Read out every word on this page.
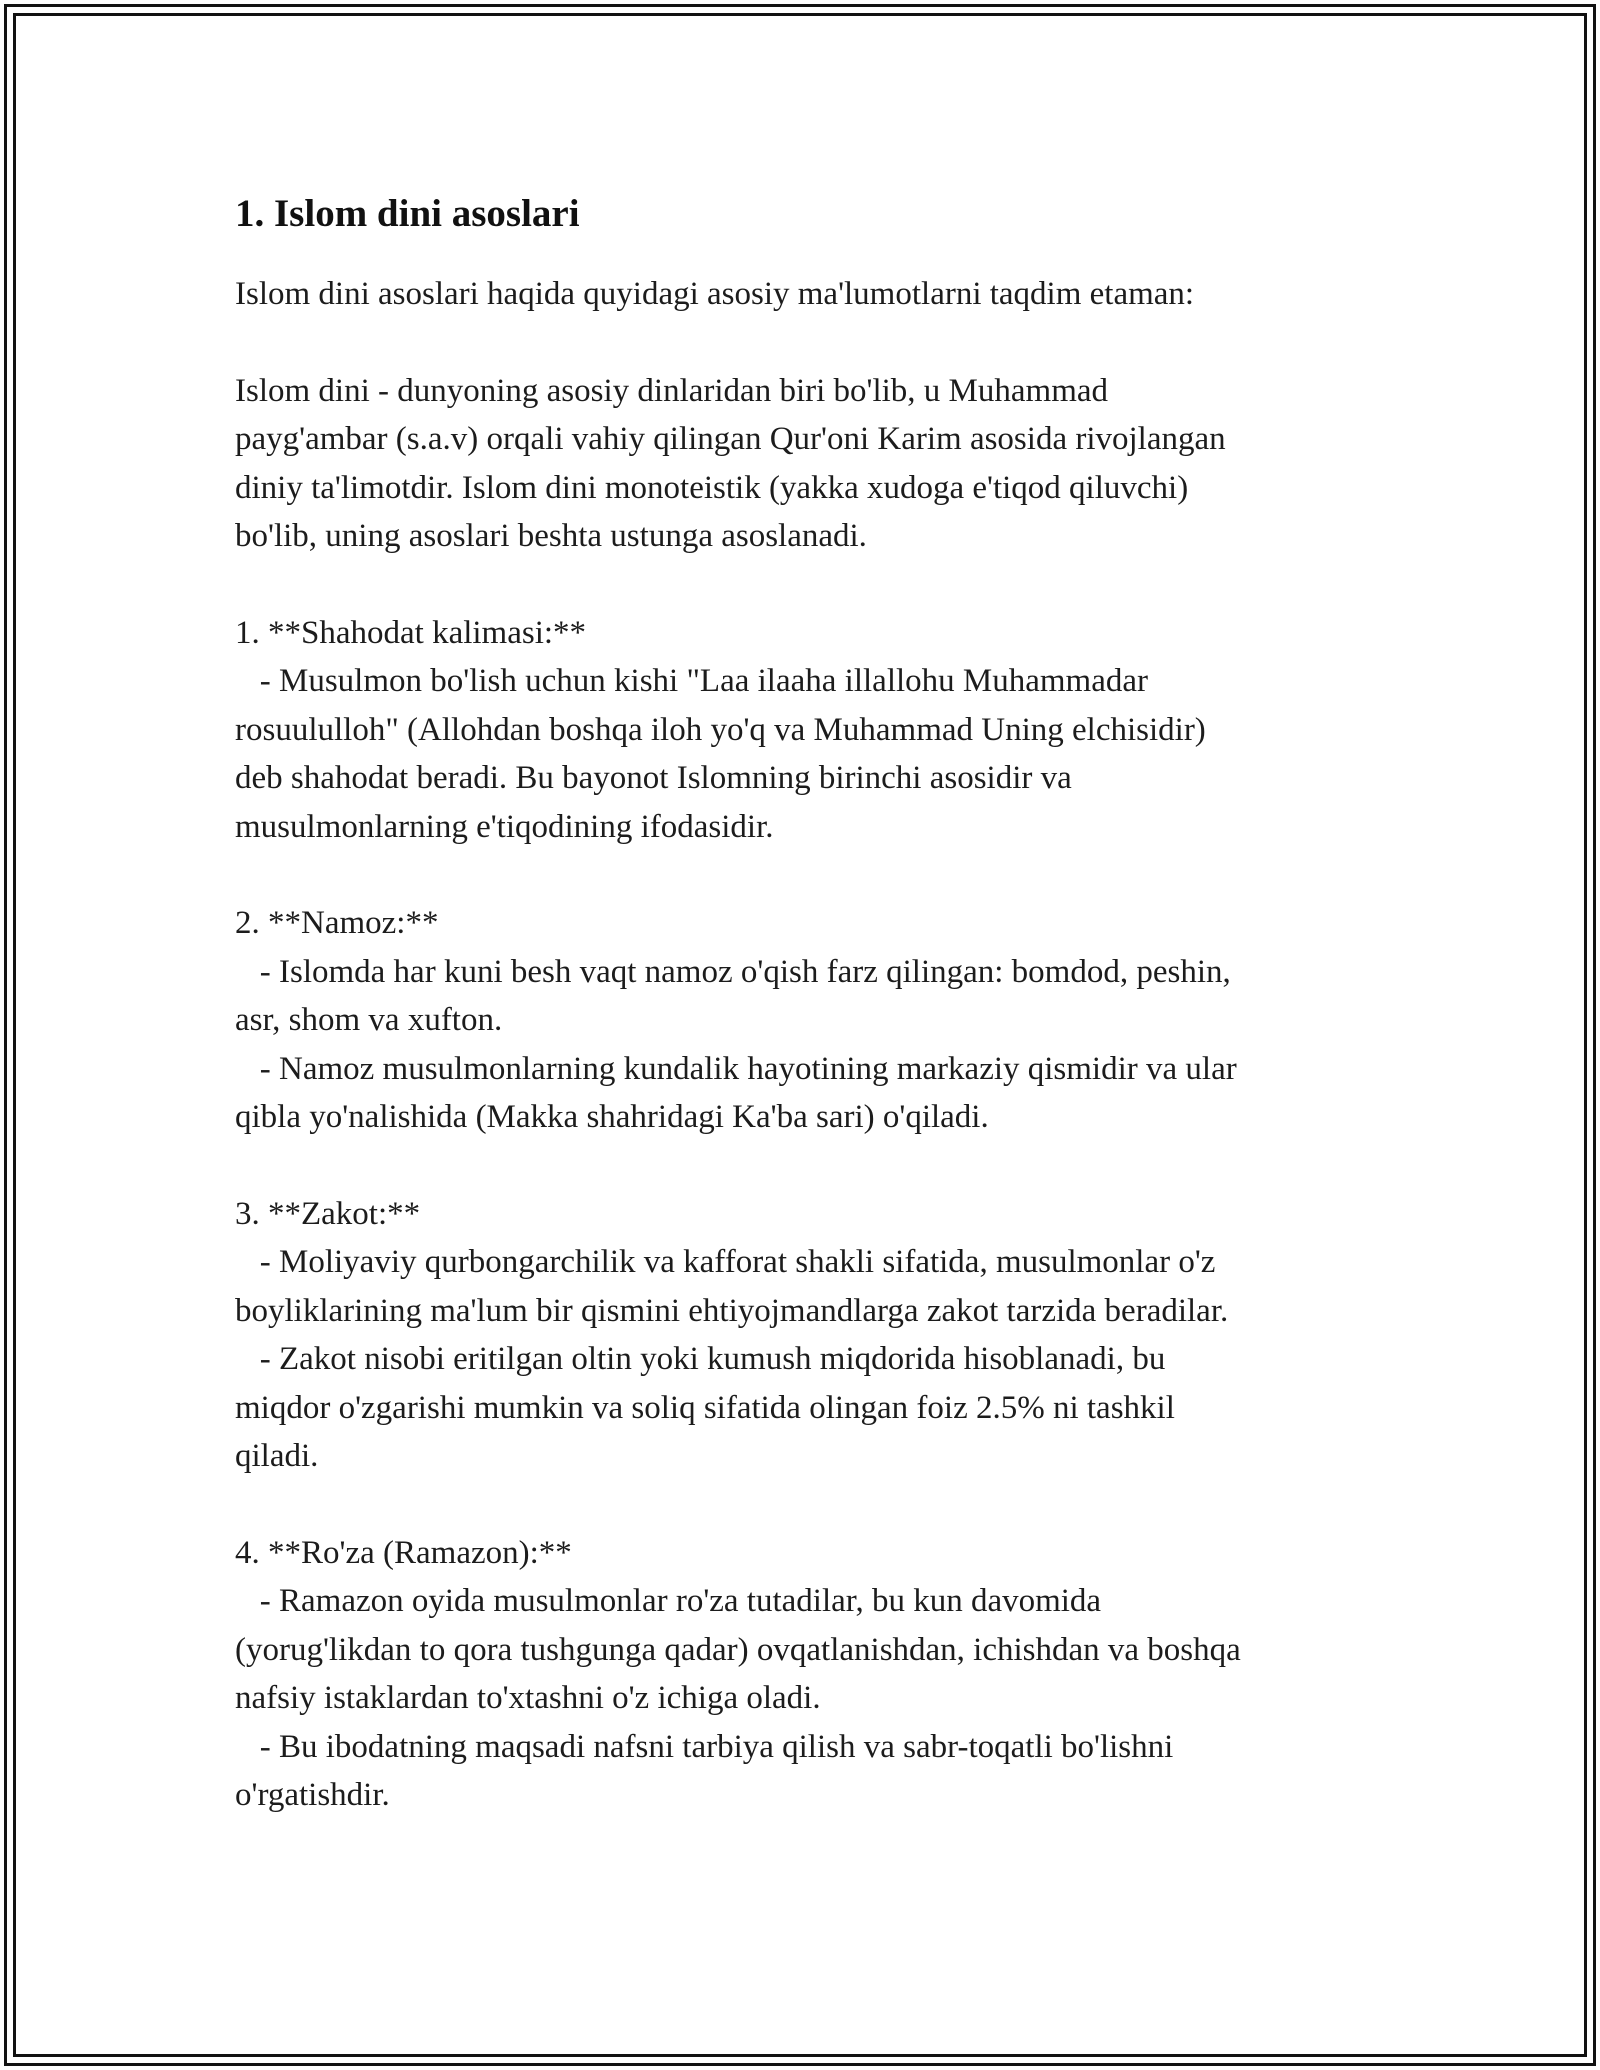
1. Islom dini asoslari

Islom dini asoslari haqida quyidagi asosiy ma'lumotlarni taqdim etaman:

Islom dini - dunyoning asosiy dinlaridan biri bo'lib, u Muhammad
payg'ambar (s.a.v) orqali vahiy qilingan Qur'oni Karim asosida rivojlangan
diniy ta'limotdir. Islom dini monoteistik (yakka xudoga e'tiqod qiluvchi)
bo'lib, uning asoslari beshta ustunga asoslanadi.

1. **Shahodat kalimasi:**
- Musulmon bo'lish uchun kishi "Laa ilaaha illallohu Muhammadar
rosuululloh" (Allohdan boshqa iloh yo'q va Muhammad Uning elchisidir)
deb shahodat beradi. Bu bayonot Islomning birinchi asosidir va
musulmonlarning e'tiqodining ifodasidir.

2. **Namoz:**
- Islomda har kuni besh vaqt namoz o'qish farz qilingan: bomdod, peshin,
asr, shom va xufton.
- Namoz musulmonlarning kundalik hayotining markaziy qismidir va ular
qibla yo'nalishida (Makka shahridagi Ka'ba sari) o'qiladi.

3. **Zakot:**
- Moliyaviy qurbongarchilik va kafforat shakli sifatida, musulmonlar o'z
boyliklarining ma'lum bir qismini ehtiyojmandlarga zakot tarzida beradilar.
- Zakot nisobi eritilgan oltin yoki kumush miqdorida hisoblanadi, bu
miqdor o'zgarishi mumkin va soliq sifatida olingan foiz 2.5% ni tashkil
qiladi.

4. **Ro'za (Ramazon):**
- Ramazon oyida musulmonlar ro'za tutadilar, bu kun davomida
(yorug'likdan to qora tushgunga qadar) ovqatlanishdan, ichishdan va boshqa
nafsiy istaklardan to'xtashni o'z ichiga oladi.
- Bu ibodatning maqsadi nafsni tarbiya qilish va sabr-toqatli bo'lishni
o'rgatishdir.
